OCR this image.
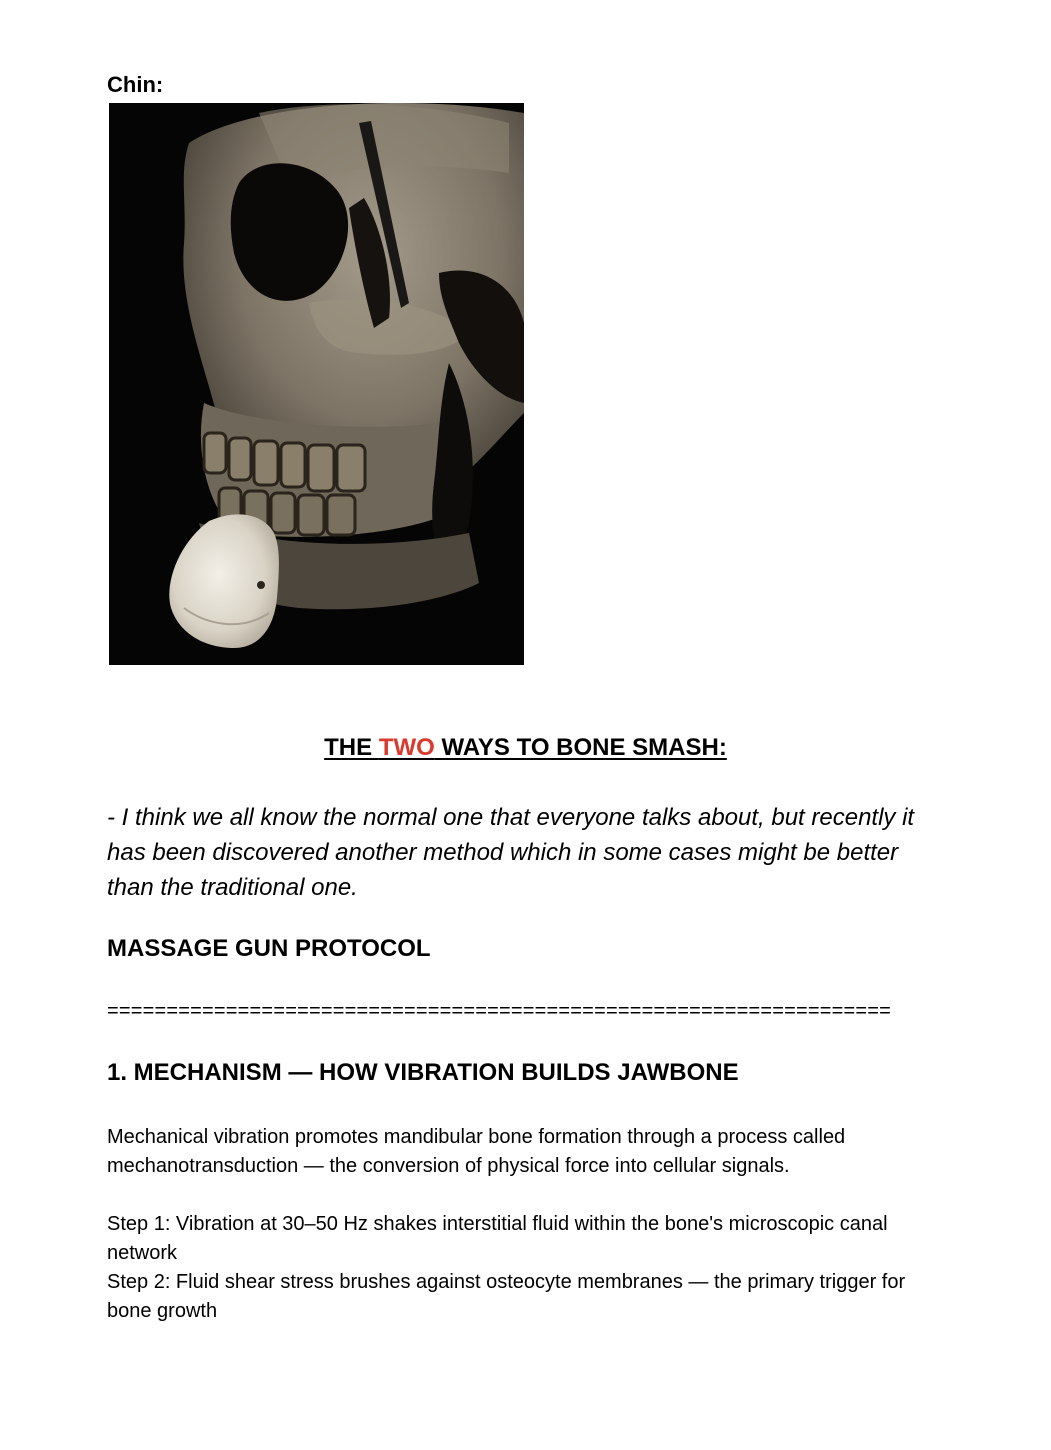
Chin:

THE TWO WAYS TO BONE SMASH:

- I think we all know the normal one that everyone talks about, but recently it has been discovered another method which in some cases might be better than the traditional one.

MASSAGE GUN PROTOCOL

==================================================================

1. MECHANISM — HOW VIBRATION BUILDS JAWBONE

Mechanical vibration promotes mandibular bone formation through a process called mechanotransduction — the conversion of physical force into cellular signals.

Step 1: Vibration at 30–50 Hz shakes interstitial fluid within the bone's microscopic canal network

Step 2: Fluid shear stress brushes against osteocyte membranes — the primary trigger for bone growth
